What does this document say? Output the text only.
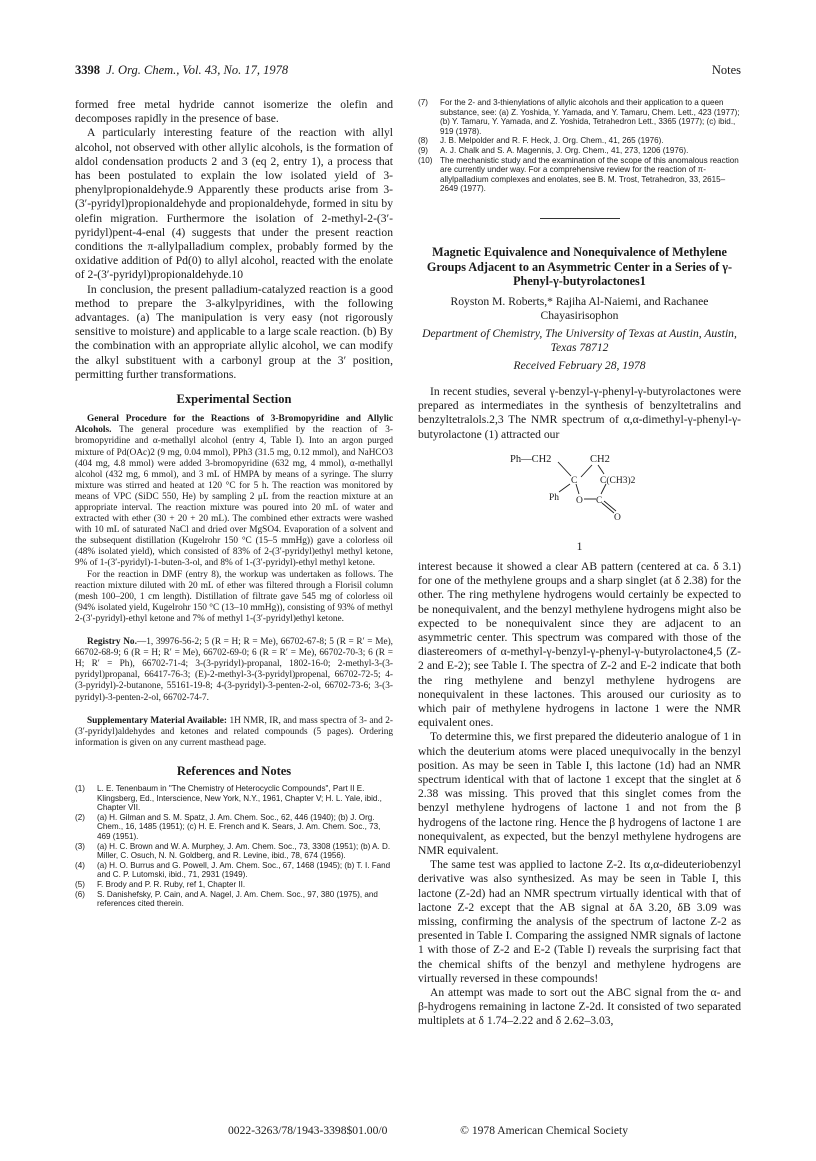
3398 J. Org. Chem., Vol. 43, No. 17, 1978	Notes

formed free metal hydride cannot isomerize the olefin and decomposes rapidly in the presence of base.

A particularly interesting feature of the reaction with allyl alcohol, not observed with other allylic alcohols, is the formation of aldol condensation products 2 and 3 (eq 2, entry 1), a process that has been postulated to explain the low isolated yield of 3-phenylpropionaldehyde.9 Apparently these products arise from 3-(3′-pyridyl)propionaldehyde and propionaldehyde, formed in situ by olefin migration. Furthermore the isolation of 2-methyl-2-(3′-pyridyl)pent-4-enal (4) suggests that under the present reaction conditions the π-allylpalladium complex, probably formed by the oxidative addition of Pd(0) to allyl alcohol, reacted with the enolate of 2-(3′-pyridyl)propionaldehyde.10

In conclusion, the present palladium-catalyzed reaction is a good method to prepare the 3-alkylpyridines, with the following advantages. (a) The manipulation is very easy (not rigorously sensitive to moisture) and applicable to a large scale reaction. (b) By the combination with an appropriate allylic alcohol, we can modify the alkyl substituent with a carbonyl group at the 3′ position, permitting further transformations.

Experimental Section

General Procedure for the Reactions of 3-Bromopyridine and Allylic Alcohols. The general procedure was exemplified by the reaction of 3-bromopyridine and α-methallyl alcohol (entry 4, Table I). Into an argon purged mixture of Pd(OAc)2 (9 mg, 0.04 mmol), PPh3 (31.5 mg, 0.12 mmol), and NaHCO3 (404 mg, 4.8 mmol) were added 3-bromopyridine (632 mg, 4 mmol), α-methallyl alcohol (432 mg, 6 mmol), and 3 mL of HMPA by means of a syringe. The slurry mixture was stirred and heated at 120 °C for 5 h. The reaction was monitored by means of VPC (SiDC 550, He) by sampling 2 μL from the reaction mixture at an appropriate interval. The reaction mixture was poured into 20 mL of water and extracted with ether (30 + 20 + 20 mL). The combined ether extracts were washed with 10 mL of saturated NaCl and dried over MgSO4. Evaporation of a solvent and the subsequent distillation (Kugelrohr 150 °C (15–5 mmHg)) gave a colorless oil (48% isolated yield), which consisted of 83% of 2-(3′-pyridyl)ethyl methyl ketone, 9% of 1-(3′-pyridyl)-1-buten-3-ol, and 8% of 1-(3′-pyridyl)-ethyl methyl ketone.

For the reaction in DMF (entry 8), the workup was undertaken as follows. The reaction mixture diluted with 20 mL of ether was filtered through a Florisil column (mesh 100–200, 1 cm length). Distillation of filtrate gave 545 mg of colorless oil (94% isolated yield, Kugelrohr 150 °C (13–10 mmHg)), consisting of 93% of methyl 2-(3′-pyridyl)-ethyl ketone and 7% of methyl 1-(3′-pyridyl)ethyl ketone.

Registry No.—1, 39976-56-2; 5 (R = H; R = Me), 66702-67-8; 5 (R = R′ = Me), 66702-68-9; 6 (R = H; R′ = Me), 66702-69-0; 6 (R = R′ = Me), 66702-70-3; 6 (R = H; R′ = Ph), 66702-71-4; 3-(3-pyridyl)-propanal, 1802-16-0; 2-methyl-3-(3-pyridyl)propanal, 66417-76-3; (E)-2-methyl-3-(3-pyridyl)propenal, 66702-72-5; 4-(3-pyridyl)-2-butanone, 55161-19-8; 4-(3-pyridyl)-3-penten-2-ol, 66702-73-6; 3-(3-pyridyl)-3-penten-2-ol, 66702-74-7.

Supplementary Material Available: 1H NMR, IR, and mass spectra of 3- and 2-(3′-pyridyl)aldehydes and ketones and related compounds (5 pages). Ordering information is given on any current masthead page.

References and Notes
(1)	L. E. Tenenbaum in "The Chemistry of Heterocyclic Compounds", Part II E. Klingsberg, Ed., Interscience, New York, N.Y., 1961, Chapter V; H. L. Yale, ibid., Chapter VII.
(2)	(a) H. Gilman and S. M. Spatz, J. Am. Chem. Soc., 62, 446 (1940); (b) J. Org. Chem., 16, 1485 (1951); (c) H. E. French and K. Sears, J. Am. Chem. Soc., 73, 469 (1951).
(3)	(a) H. C. Brown and W. A. Murphey, J. Am. Chem. Soc., 73, 3308 (1951); (b) A. D. Miller, C. Osuch, N. N. Goldberg, and R. Levine, ibid., 78, 674 (1956).
(4)	(a) H. O. Burrus and G. Powell, J. Am. Chem. Soc., 67, 1468 (1945); (b) T. I. Fand and C. P. Lutomski, ibid., 71, 2931 (1949).
(5)	F. Brody and P. R. Ruby, ref 1, Chapter II.
(6)	S. Danishefsky, P. Cain, and A. Nagel, J. Am. Chem. Soc., 97, 380 (1975), and references cited therein.
(7)	For the 2- and 3-thienylations of allylic alcohols and their application to a queen substance, see: (a) Z. Yoshida, Y. Yamada, and Y. Tamaru, Chem. Lett., 423 (1977); (b) Y. Tamaru, Y. Yamada, and Z. Yoshida, Tetrahedron Lett., 3365 (1977); (c) ibid., 919 (1978).
(8)	J. B. Melpolder and R. F. Heck, J. Org. Chem., 41, 265 (1976).
(9)	A. J. Chalk and S. A. Magennis, J. Org. Chem., 41, 273, 1206 (1976).
(10) The mechanistic study and the examination of the scope of this anomalous reaction are currently under way. For a comprehensive review for the reaction of π-allylpalladium complexes and enolates, see B. M. Trost, Tetrahedron, 33, 2615–2649 (1977).

Magnetic Equivalence and Nonequivalence of Methylene Groups Adjacent to an Asymmetric Center in a Series of γ-Phenyl-γ-butyrolactones1

Royston M. Roberts,* Rajiha Al-Naiemi, and Rachanee Chayasirisophon

Department of Chemistry, The University of Texas at Austin, Austin, Texas 78712

Received February 28, 1978

In recent studies, several γ-benzyl-γ-phenyl-γ-butyrolactones were prepared as intermediates in the synthesis of benzyltetralins and benzyltetralols.2,3 The NMR spectrum of α,α-dimethyl-γ-phenyl-γ-butyrolactone (1) attracted our

Ph—CH2	CH2
C C(CH3)2
Ph O C
O
1

interest because it showed a clear AB pattern (centered at ca. δ 3.1) for one of the methylene groups and a sharp singlet (at δ 2.38) for the other. The ring methylene hydrogens would certainly be expected to be nonequivalent, and the benzyl methylene hydrogens might also be expected to be nonequivalent since they are adjacent to an asymmetric center. This spectrum was compared with those of the diastereomers of α-methyl-γ-benzyl-γ-phenyl-γ-butyrolactone4,5 (Z-2 and E-2); see Table I. The spectra of Z-2 and E-2 indicate that both the ring methylene and benzyl methylene hydrogens are nonequivalent in these lactones. This aroused our curiosity as to which pair of methylene hydrogens in lactone 1 were the NMR equivalent ones.

To determine this, we first prepared the dideuterio analogue of 1 in which the deuterium atoms were placed unequivocally in the benzyl position. As may be seen in Table I, this lactone (1d) had an NMR spectrum identical with that of lactone 1 except that the singlet at δ 2.38 was missing. This proved that this singlet comes from the benzyl methylene hydrogens of lactone 1 and not from the β hydrogens of the lactone ring. Hence the β hydrogens of lactone 1 are nonequivalent, as expected, but the benzyl methylene hydrogens are NMR equivalent.

The same test was applied to lactone Z-2. Its α,α-dideuteriobenzyl derivative was also synthesized. As may be seen in Table I, this lactone (Z-2d) had an NMR spectrum virtually identical with that of lactone Z-2 except that the AB signal at δA 3.20, δB 3.09 was missing, confirming the analysis of the spectrum of lactone Z-2 as presented in Table I. Comparing the assigned NMR signals of lactone 1 with those of Z-2 and E-2 (Table I) reveals the surprising fact that the chemical shifts of the benzyl and methylene hydrogens are virtually reversed in these compounds!

An attempt was made to sort out the ABC signal from the α- and β-hydrogens remaining in lactone Z-2d. It consisted of two separated multiplets at δ 1.74–2.22 and δ 2.62–3.03,

0022-3263/78/1943-3398$01.00/0	© 1978 American Chemical Society
